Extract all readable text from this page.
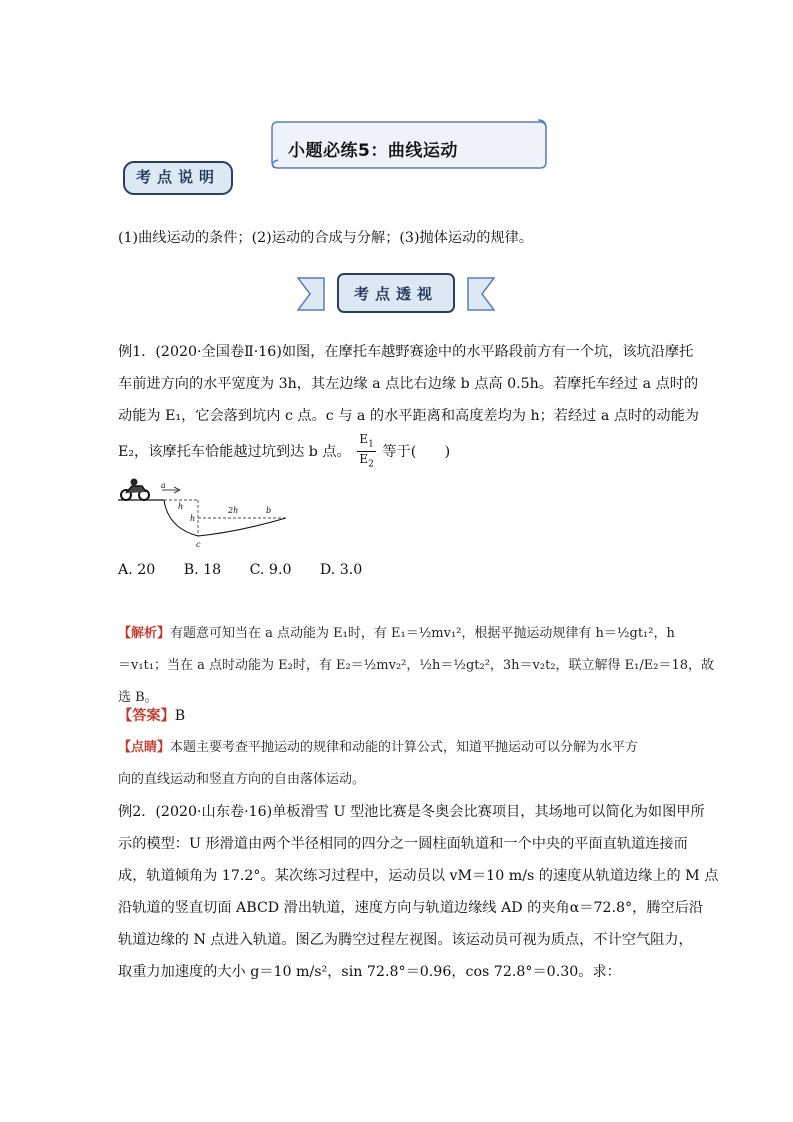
小题必练5：曲线运动
考点说明
(1)曲线运动的条件；(2)运动的合成与分解；(3)抛体运动的规律。
考点透视
例1．(2020·全国卷Ⅱ·16)如图，在摩托车越野赛途中的水平路段前方有一个坑，该坑沿摩托
车前进方向的水平宽度为 3h，其左边缘 a 点比右边缘 b 点高 0.5h。若摩托车经过 a 点时的
动能为 E₁，它会落到坑内 c 点。c 与 a 的水平距离和高度差均为 h；若经过 a 点时的动能为
E₂，该摩托车恰能越过坑到达 b 点。 $\frac{E_1}{E_2}$ 等于(　　)
a
h
h
2h	b
c
A. 20　　B. 18　　C. 9.0　　D. 3.0
【解析】有题意可知当在 a 点动能为 E₁时，有 E₁＝½mv₁²，根据平抛运动规律有 h＝½gt₁²，h
＝v₁t₁；当在 a 点时动能为 E₂时，有 E₂＝½mv₂²，½h＝½gt₂²，3h＝v₂t₂，联立解得 E₁/E₂＝18，故
选 B。
【答案】B
【点睛】本题主要考查平抛运动的规律和动能的计算公式，知道平抛运动可以分解为水平方
向的直线运动和竖直方向的自由落体运动。
例2．(2020·山东卷·16)单板滑雪 U 型池比赛是冬奥会比赛项目，其场地可以简化为如图甲所
示的模型：U 形滑道由两个半径相同的四分之一圆柱面轨道和一个中央的平面直轨道连接而
成，轨道倾角为 17.2°。某次练习过程中，运动员以 vM＝10 m/s 的速度从轨道边缘上的 M 点
沿轨道的竖直切面 ABCD 滑出轨道，速度方向与轨道边缘线 AD 的夹角α＝72.8°，腾空后沿
轨道边缘的 N 点进入轨道。图乙为腾空过程左视图。该运动员可视为质点，不计空气阻力，
取重力加速度的大小 g＝10 m/s²，sin 72.8°＝0.96，cos 72.8°＝0.30。求：
